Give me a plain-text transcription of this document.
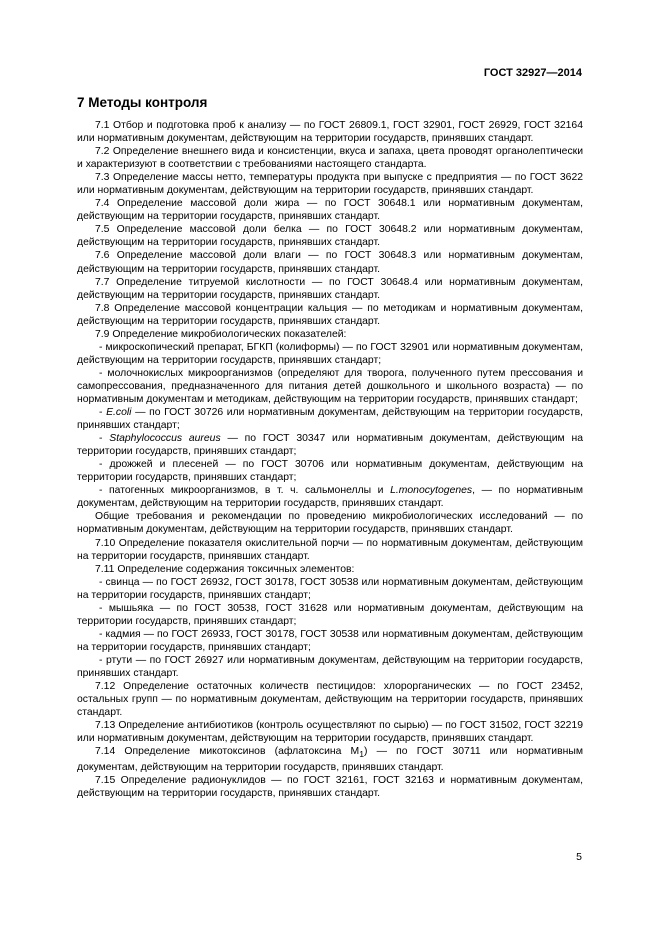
ГОСТ 32927—2014
7 Методы контроля

7.1 Отбор и подготовка проб к анализу — по ГОСТ 26809.1, ГОСТ 32901, ГОСТ 26929, ГОСТ 32164 или нормативным документам, действующим на территории государств, принявших стандарт.

7.2 Определение внешнего вида и консистенции, вкуса и запаха, цвета проводят органолептически и характеризуют в соответствии с требованиями настоящего стандарта.

7.3 Определение массы нетто, температуры продукта при выпуске с предприятия — по ГОСТ 3622 или нормативным документам, действующим на территории государств, принявших стандарт.

7.4 Определение массовой доли жира — по ГОСТ 30648.1 или нормативным документам, действующим на территории государств, принявших стандарт.

7.5 Определение массовой доли белка — по ГОСТ 30648.2 или нормативным документам, действующим на территории государств, принявших стандарт.

7.6 Определение массовой доли влаги — по ГОСТ 30648.3 или нормативным документам, действующим на территории государств, принявших стандарт.

7.7 Определение титруемой кислотности — по ГОСТ 30648.4 или нормативным документам, действующим на территории государств, принявших стандарт.

7.8 Определение массовой концентрации кальция — по методикам и нормативным документам, действующим на территории государств, принявших стандарт.

7.9 Определение микробиологических показателей:

- микроскопический препарат, БГКП (колиформы) — по ГОСТ 32901 или нормативным документам, действующим на территории государств, принявших стандарт;

- молочнокислых микроорганизмов (определяют для творога, полученного путем прессования и самопрессования, предназначенного для питания детей дошкольного и школьного возраста) — по нормативным документам и методикам, действующим на территории государств, принявших стандарт;

- E.coli — по ГОСТ 30726 или нормативным документам, действующим на территории государств, принявших стандарт;

- Staphylococcus aureus — по ГОСТ 30347 или нормативным документам, действующим на территории государств, принявших стандарт;

- дрожжей и плесеней — по ГОСТ 30706 или нормативным документам, действующим на территории государств, принявших стандарт;

- патогенных микроорганизмов, в т. ч. сальмонеллы и L.monocytogenes, — по нормативным документам, действующим на территории государств, принявших стандарт.

Общие требования и рекомендации по проведению микробиологических исследований — по нормативным документам, действующим на территории государств, принявших стандарт.

7.10 Определение показателя окислительной порчи — по нормативным документам, действующим на территории государств, принявших стандарт.

7.11 Определение содержания токсичных элементов:

- свинца — по ГОСТ 26932, ГОСТ 30178, ГОСТ 30538 или нормативным документам, действующим на территории государств, принявших стандарт;

- мышьяка — по ГОСТ 30538, ГОСТ 31628 или нормативным документам, действующим на территории государств, принявших стандарт;

- кадмия — по ГОСТ 26933, ГОСТ 30178, ГОСТ 30538 или нормативным документам, действующим на территории государств, принявших стандарт;

- ртути — по ГОСТ 26927 или нормативным документам, действующим на территории государств, принявших стандарт.

7.12 Определение остаточных количеств пестицидов: хлорорганических — по ГОСТ 23452, остальных групп — по нормативным документам, действующим на территории государств, принявших стандарт.

7.13 Определение антибиотиков (контроль осуществляют по сырью) — по ГОСТ 31502, ГОСТ 32219 или нормативным документам, действующим на территории государств, принявших стандарт.

7.14 Определение микотоксинов (афлатоксина $М_1$) — по ГОСТ 30711 или нормативным документам, действующим на территории государств, принявших стандарт.

7.15 Определение радионуклидов — по ГОСТ 32161, ГОСТ 32163 и нормативным документам, действующим на территории государств, принявших стандарт.

5
